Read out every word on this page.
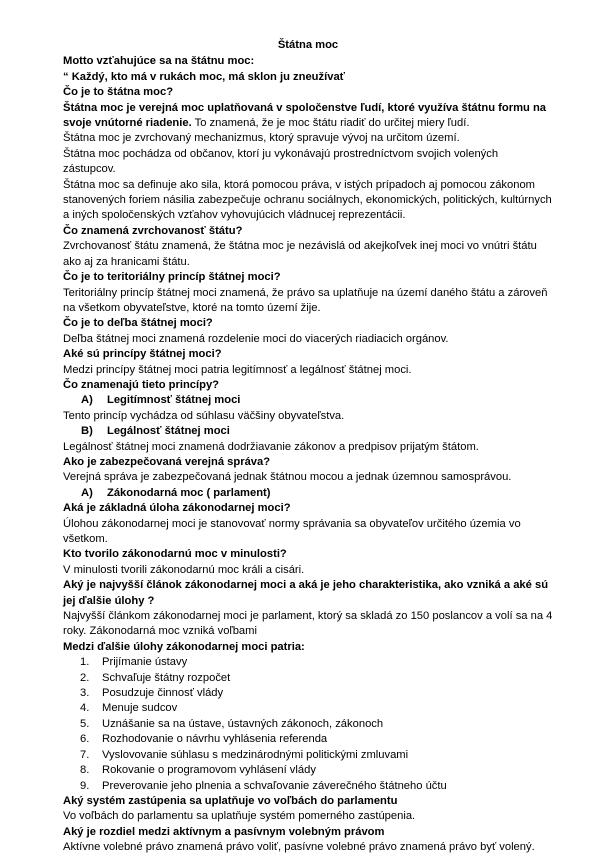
Štátna moc

Motto vzťahujúce sa na štátnu moc:

“ Každý, kto má v rukách moc, má sklon ju zneužívať

Čo je to štátna moc?

Štátna moc je verejná moc uplatňovaná v spoločenstve ľudí, ktoré využíva štátnu formu na svoje vnútorné riadenie. To znamená, že je moc štátu riadiť do určitej miery ľudí.

Štátna moc je zvrchovaný mechanizmus, ktorý spravuje vývoj na určitom území.

Štátna moc pochádza od občanov, ktorí ju vykonávajú prostredníctvom svojich volených zástupcov.

Štátna moc sa definuje ako sila, ktorá pomocou práva, v istých prípadoch aj pomocou zákonom stanovených foriem násilia zabezpečuje ochranu sociálnych, ekonomických, politických, kultúrnych a iných spoločenských vzťahov vyhovujúcich vládnucej reprezentácii.

Čo znamená zvrchovanosť štátu?

Zvrchovanosť štátu znamená, že štátna moc je nezávislá od akejkoľvek inej moci vo vnútri štátu ako aj za hranicami štátu.

Čo je to teritoriálny princíp štátnej moci?

Teritoriálny princíp štátnej moci znamená, že právo sa uplatňuje na území daného štátu a zároveň na všetkom obyvateľstve, ktoré na tomto území žije.

Čo je to deľba štátnej moci?

Deľba štátnej moci znamená rozdelenie moci do viacerých riadiacich orgánov.

Aké sú princípy štátnej moci?

Medzi princípy štátnej moci patria legitímnosť a legálnosť štátnej moci.

Čo znamenajú tieto princípy?

A)	Legitímnosť štátnej moci

Tento princíp vychádza od súhlasu väčšiny obyvateľstva.

B)	Legálnosť štátnej moci

Legálnosť štátnej moci znamená dodržiavanie zákonov a predpisov prijatým štátom.

Ako je zabezpečovaná verejná správa?

Verejná správa je zabezpečovaná jednak štátnou mocou a jednak územnou samosprávou.

A)	Zákonodarná moc ( parlament)

Aká je základná úloha zákonodarnej moci?

Úlohou zákonodarnej moci je stanovovať normy správania sa obyvateľov určitého územia vo všetkom.

Kto tvorilo zákonodarnú moc v minulosti?

V minulosti tvorili zákonodarnú moc králi a cisári.

Aký je najvyšší článok zákonodarnej moci a aká je jeho charakteristika, ako vzniká a aké sú jej ďalšie úlohy ?

Najvyšší článkom zákonodarnej moci je parlament, ktorý sa skladá zo 150 poslancov a volí sa na 4 roky. Zákonodarná moc vzniká voľbami

Medzi ďalšie úlohy zákonodarnej moci patria:

1.	Prijímanie ústavy
2.	Schvaľuje štátny rozpočet
3.	Posudzuje činnosť vlády
4.	Menuje sudcov
5.	Uznášanie sa na ústave, ústavných zákonoch, zákonoch
6.	Rozhodovanie o návrhu vyhlásenia referenda
7.	Vyslovovanie súhlasu s medzinárodnými politickými zmluvami
8.	Rokovanie o programovom vyhlásení vlády
9.	Preverovanie jeho plnenia a schvaľovanie záverečného štátneho účtu

Aký systém zastúpenia sa uplatňuje vo voľbách do parlamentu

Vo voľbách do parlamentu sa uplatňuje systém pomerného zastúpenia.

Aký je rozdiel medzi aktívnym a pasívnym volebným právom

Aktívne volebné právo znamená právo voliť, pasívne volebné právo znamená právo byť volený.
